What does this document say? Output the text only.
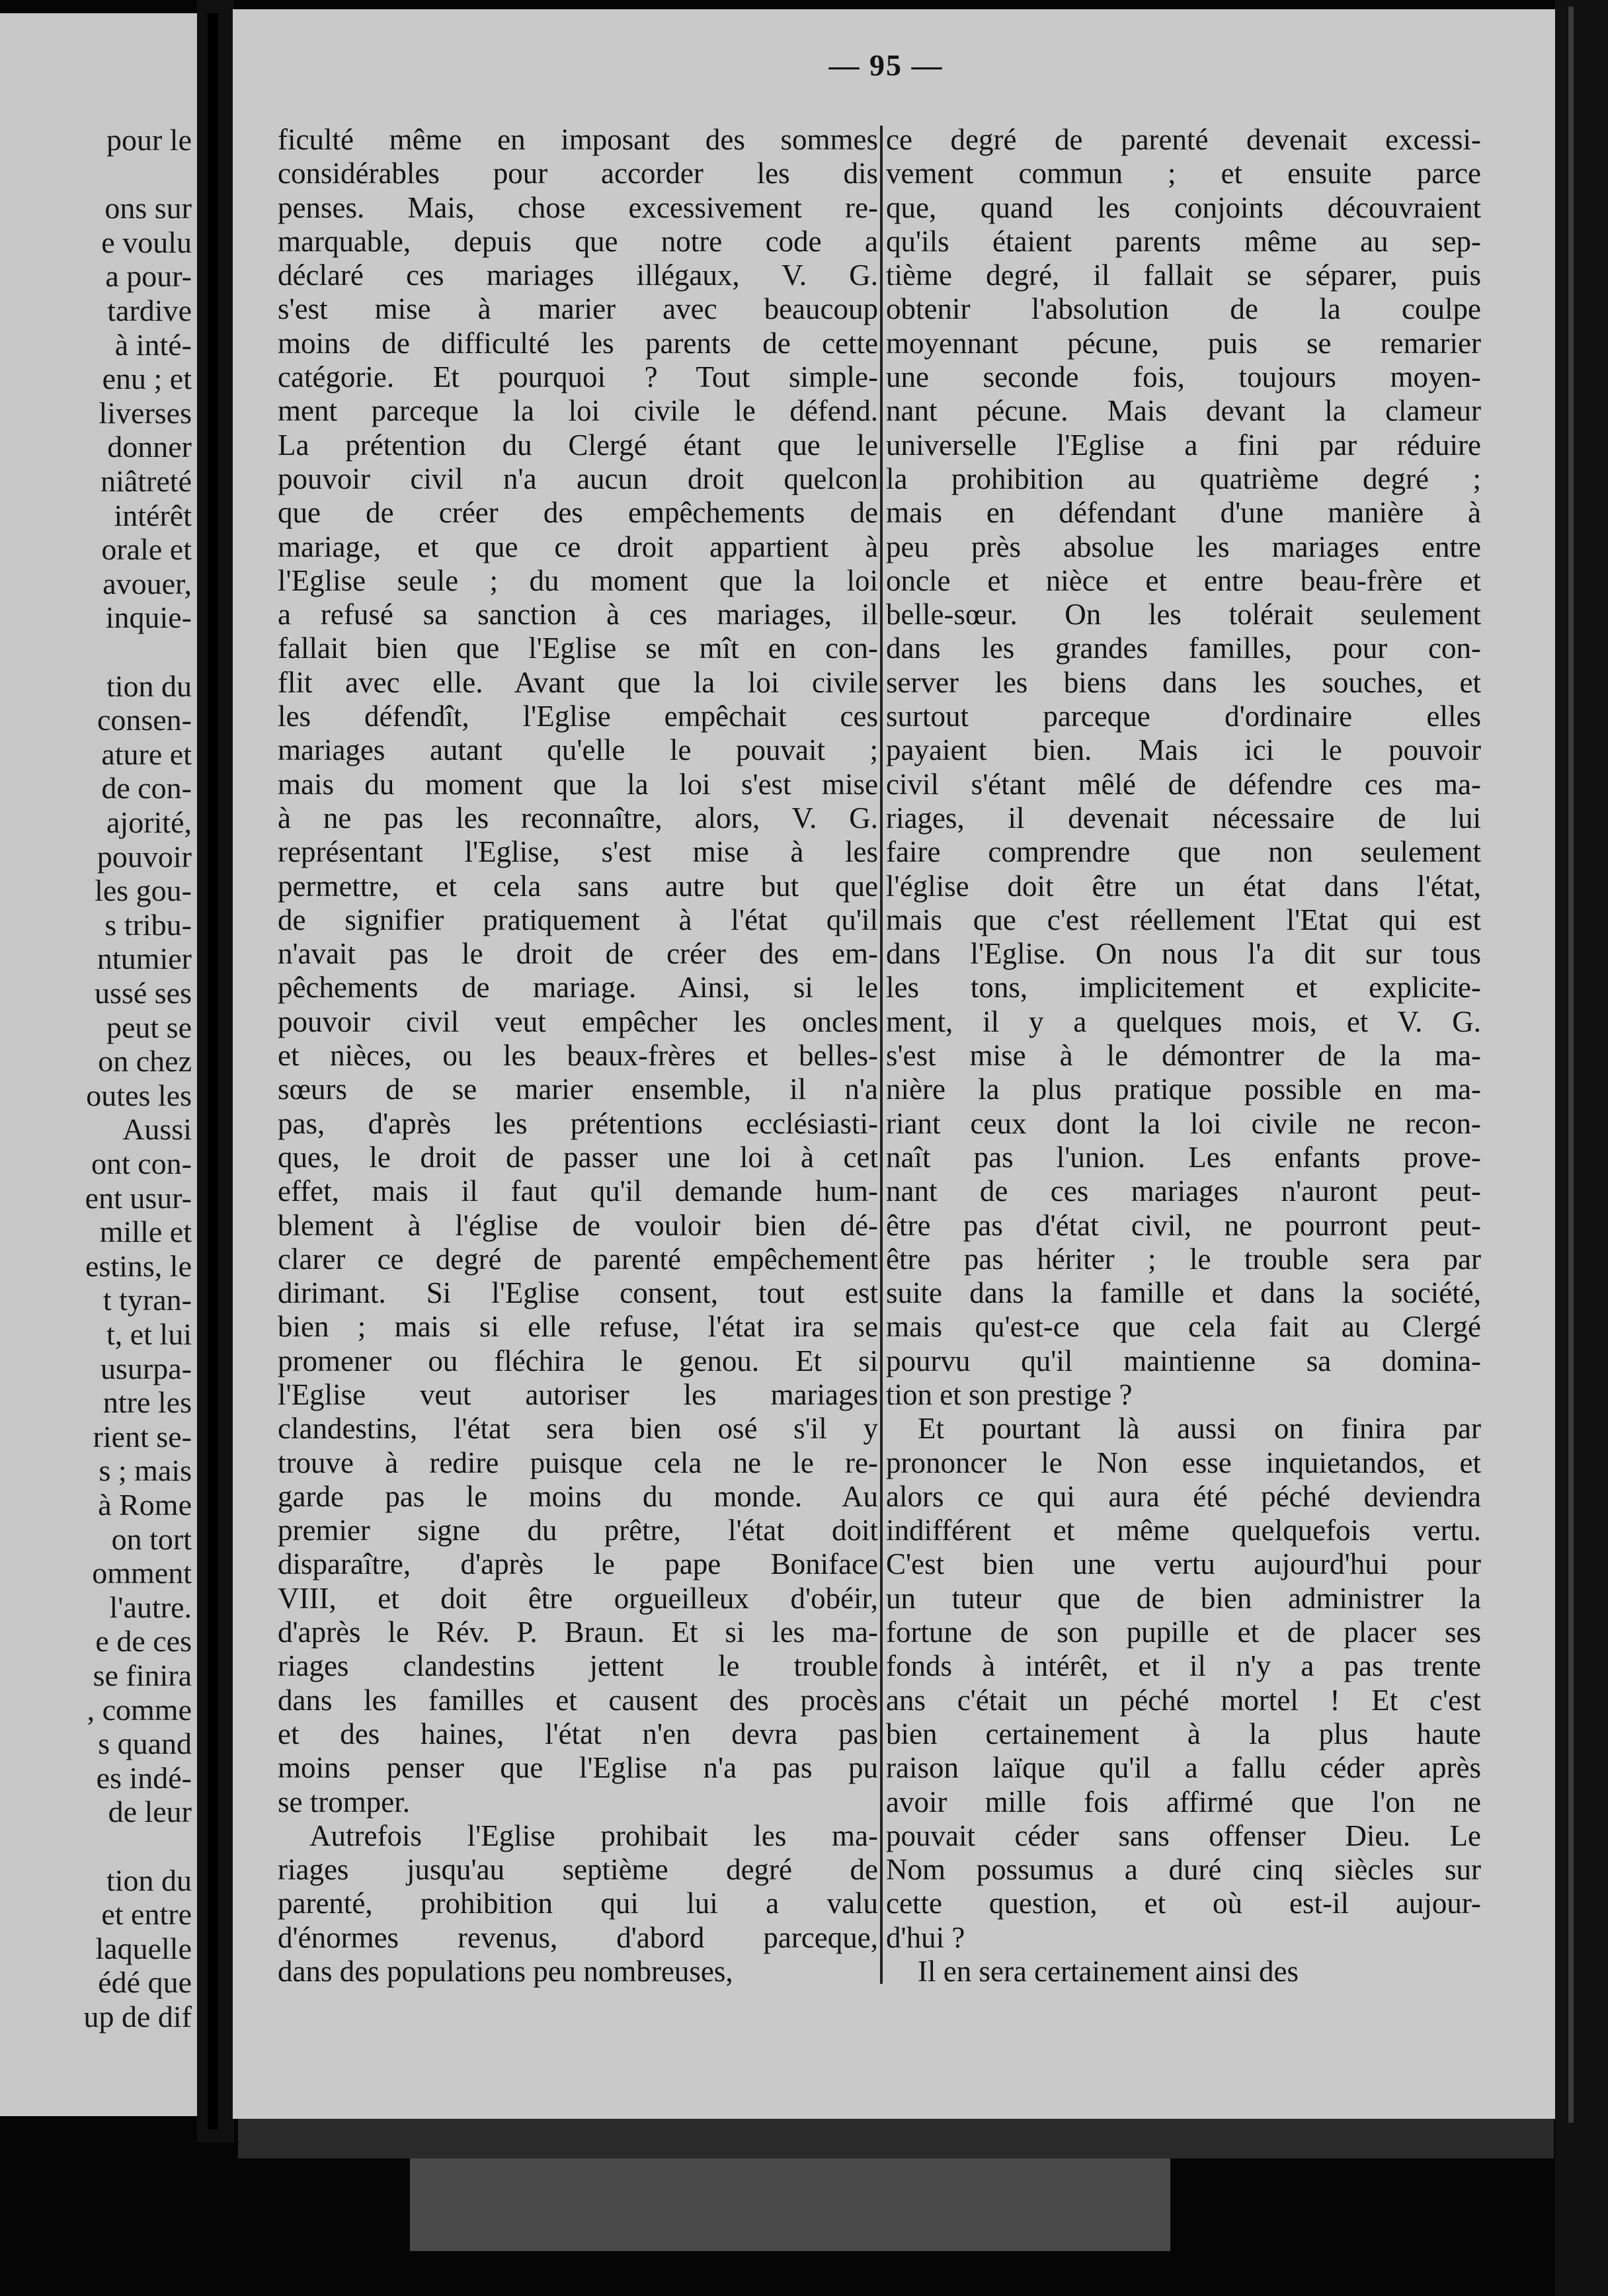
pour le
ons sur
e voulu
a pour-
tardive
à inté-
enu ; et
liverses
donner
niâtreté
intérêt
orale et
avouer,
inquie-
tion du
consen-
ature et
de con-
ajorité,
pouvoir
les gou-
s tribu-
ntumier
ussé ses
peut se
on chez
outes les
Aussi
ont con-
ent usur-
mille et
estins, le
t tyran-
t, et lui
usurpa-
ntre les
rient se-
s ; mais
à Rome
on tort
omment
l'autre.
e de ces
se finira
, comme
s quand
es indé-
de leur
tion du
et entre
laquelle
édé que
up de dif
— 95 —
ficulté même en imposant des sommes
considérables pour accorder les dis
penses. Mais, chose excessivement re-
marquable, depuis que notre code a
déclaré ces mariages illégaux, V. G.
s'est mise à marier avec beaucoup
moins de difficulté les parents de cette
catégorie. Et pourquoi ? Tout simple-
ment parceque la loi civile le défend.
La prétention du Clergé étant que le
pouvoir civil n'a aucun droit quelcon
que de créer des empêchements de
mariage, et que ce droit appartient à
l'Eglise seule ; du moment que la loi
a refusé sa sanction à ces mariages, il
fallait bien que l'Eglise se mît en con-
flit avec elle. Avant que la loi civile
les défendît, l'Eglise empêchait ces
mariages autant qu'elle le pouvait ;
mais du moment que la loi s'est mise
à ne pas les reconnaître, alors, V. G.
représentant l'Eglise, s'est mise à les
permettre, et cela sans autre but que
de signifier pratiquement à l'état qu'il
n'avait pas le droit de créer des em-
pêchements de mariage. Ainsi, si le
pouvoir civil veut empêcher les oncles
et nièces, ou les beaux-frères et belles-
sœurs de se marier ensemble, il n'a
pas, d'après les prétentions ecclésiasti-
ques, le droit de passer une loi à cet
effet, mais il faut qu'il demande hum-
blement à l'église de vouloir bien dé-
clarer ce degré de parenté empêchement
dirimant. Si l'Eglise consent, tout est
bien ; mais si elle refuse, l'état ira se
promener ou fléchira le genou. Et si
l'Eglise veut autoriser les mariages
clandestins, l'état sera bien osé s'il y
trouve à redire puisque cela ne le re-
garde pas le moins du monde. Au
premier signe du prêtre, l'état doit
disparaître, d'après le pape Boniface
VIII, et doit être orgueilleux d'obéir,
d'après le Rév. P. Braun. Et si les ma-
riages clandestins jettent le trouble
dans les familles et causent des procès
et des haines, l'état n'en devra pas
moins penser que l'Eglise n'a pas pu
se tromper.
Autrefois l'Eglise prohibait les ma-
riages jusqu'au septième degré de
parenté, prohibition qui lui a valu
d'énormes revenus, d'abord parceque,
dans des populations peu nombreuses,
ce degré de parenté devenait excessi-
vement commun ; et ensuite parce
que, quand les conjoints découvraient
qu'ils étaient parents même au sep-
tième degré, il fallait se séparer, puis
obtenir l'absolution de la coulpe
moyennant pécune, puis se remarier
une seconde fois, toujours moyen-
nant pécune. Mais devant la clameur
universelle l'Eglise a fini par réduire
la prohibition au quatrième degré ;
mais en défendant d'une manière à
peu près absolue les mariages entre
oncle et nièce et entre beau-frère et
belle-sœur. On les tolérait seulement
dans les grandes familles, pour con-
server les biens dans les souches, et
surtout parceque d'ordinaire elles
payaient bien. Mais ici le pouvoir
civil s'étant mêlé de défendre ces ma-
riages, il devenait nécessaire de lui
faire comprendre que non seulement
l'église doit être un état dans l'état,
mais que c'est réellement l'Etat qui est
dans l'Eglise. On nous l'a dit sur tous
les tons, implicitement et explicite-
ment, il y a quelques mois, et V. G.
s'est mise à le démontrer de la ma-
nière la plus pratique possible en ma-
riant ceux dont la loi civile ne recon-
naît pas l'union. Les enfants prove-
nant de ces mariages n'auront peut-
être pas d'état civil, ne pourront peut-
être pas hériter ; le trouble sera par
suite dans la famille et dans la société,
mais qu'est-ce que cela fait au Clergé
pourvu qu'il maintienne sa domina-
tion et son prestige ?
Et pourtant là aussi on finira par
prononcer le Non esse inquietandos, et
alors ce qui aura été péché deviendra
indifférent et même quelquefois vertu.
C'est bien une vertu aujourd'hui pour
un tuteur que de bien administrer la
fortune de son pupille et de placer ses
fonds à intérêt, et il n'y a pas trente
ans c'était un péché mortel ! Et c'est
bien certainement à la plus haute
raison laïque qu'il a fallu céder après
avoir mille fois affirmé que l'on ne
pouvait céder sans offenser Dieu. Le
Nom possumus a duré cinq siècles sur
cette question, et où est-il aujour-
d'hui ?
Il en sera certainement ainsi des
